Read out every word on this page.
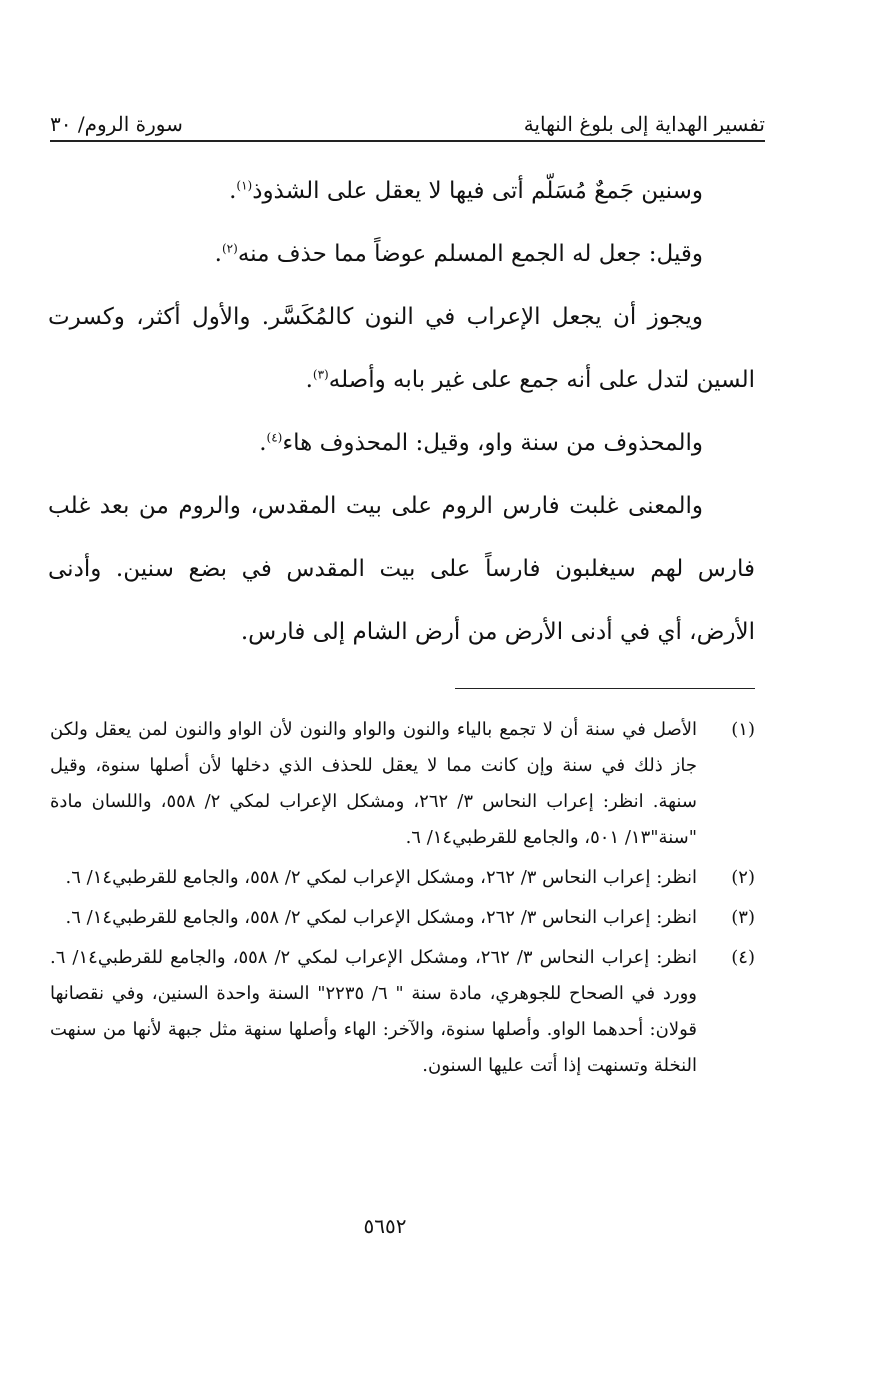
تفسير الهداية إلى بلوغ النهاية
سورة الروم/ ٣٠

وسنين جَمعٌ مُسَلّم أتى فيها لا يعقل على الشذوذ$^{(١)}$.

وقيل: جعل له الجمع المسلم عوضاً مما حذف منه$^{(٢)}$.

ويجوز أن يجعل الإعراب في النون كالمُكَسَّر. والأول أكثر، وكسرت السين لتدل على أنه جمع على غير بابه وأصله$^{(٣)}$.

والمحذوف من سنة واو، وقيل: المحذوف هاء$^{(٤)}$.

والمعنى غلبت فارس الروم على بيت المقدس، والروم من بعد غلب فارس لهم سيغلبون فارساً على بيت المقدس في بضع سنين. وأدنى الأرض، أي في أدنى الأرض من أرض الشام إلى فارس.

(١)
الأصل في سنة أن لا تجمع بالياء والنون والواو والنون لأن الواو والنون لمن يعقل ولكن جاز ذلك في سنة وإن كانت مما لا يعقل للحذف الذي دخلها لأن أصلها سنوة، وقيل سنهة. انظر: إعراب النحاس ٣/ ٢٦٢، ومشكل الإعراب لمكي ٢/ ٥٥٨، واللسان مادة "سنة"١٣/ ٥٠١، والجامع للقرطبي١٤/ ٦.
(٢)
انظر: إعراب النحاس ٣/ ٢٦٢، ومشكل الإعراب لمكي ٢/ ٥٥٨، والجامع للقرطبي١٤/ ٦.
(٣)
انظر: إعراب النحاس ٣/ ٢٦٢، ومشكل الإعراب لمكي ٢/ ٥٥٨، والجامع للقرطبي١٤/ ٦.
(٤)
انظر: إعراب النحاس ٣/ ٢٦٢، ومشكل الإعراب لمكي ٢/ ٥٥٨، والجامع للقرطبي١٤/ ٦. وورد في الصحاح للجوهري، مادة سنة " ٦/ ٢٢٣٥" السنة واحدة السنين، وفي نقصانها قولان: أحدهما الواو. وأصلها سنوة، والآخر: الهاء وأصلها سنهة مثل جبهة لأنها من سنهت النخلة وتسنهت إذا أتت عليها السنون.
٥٦٥٢
